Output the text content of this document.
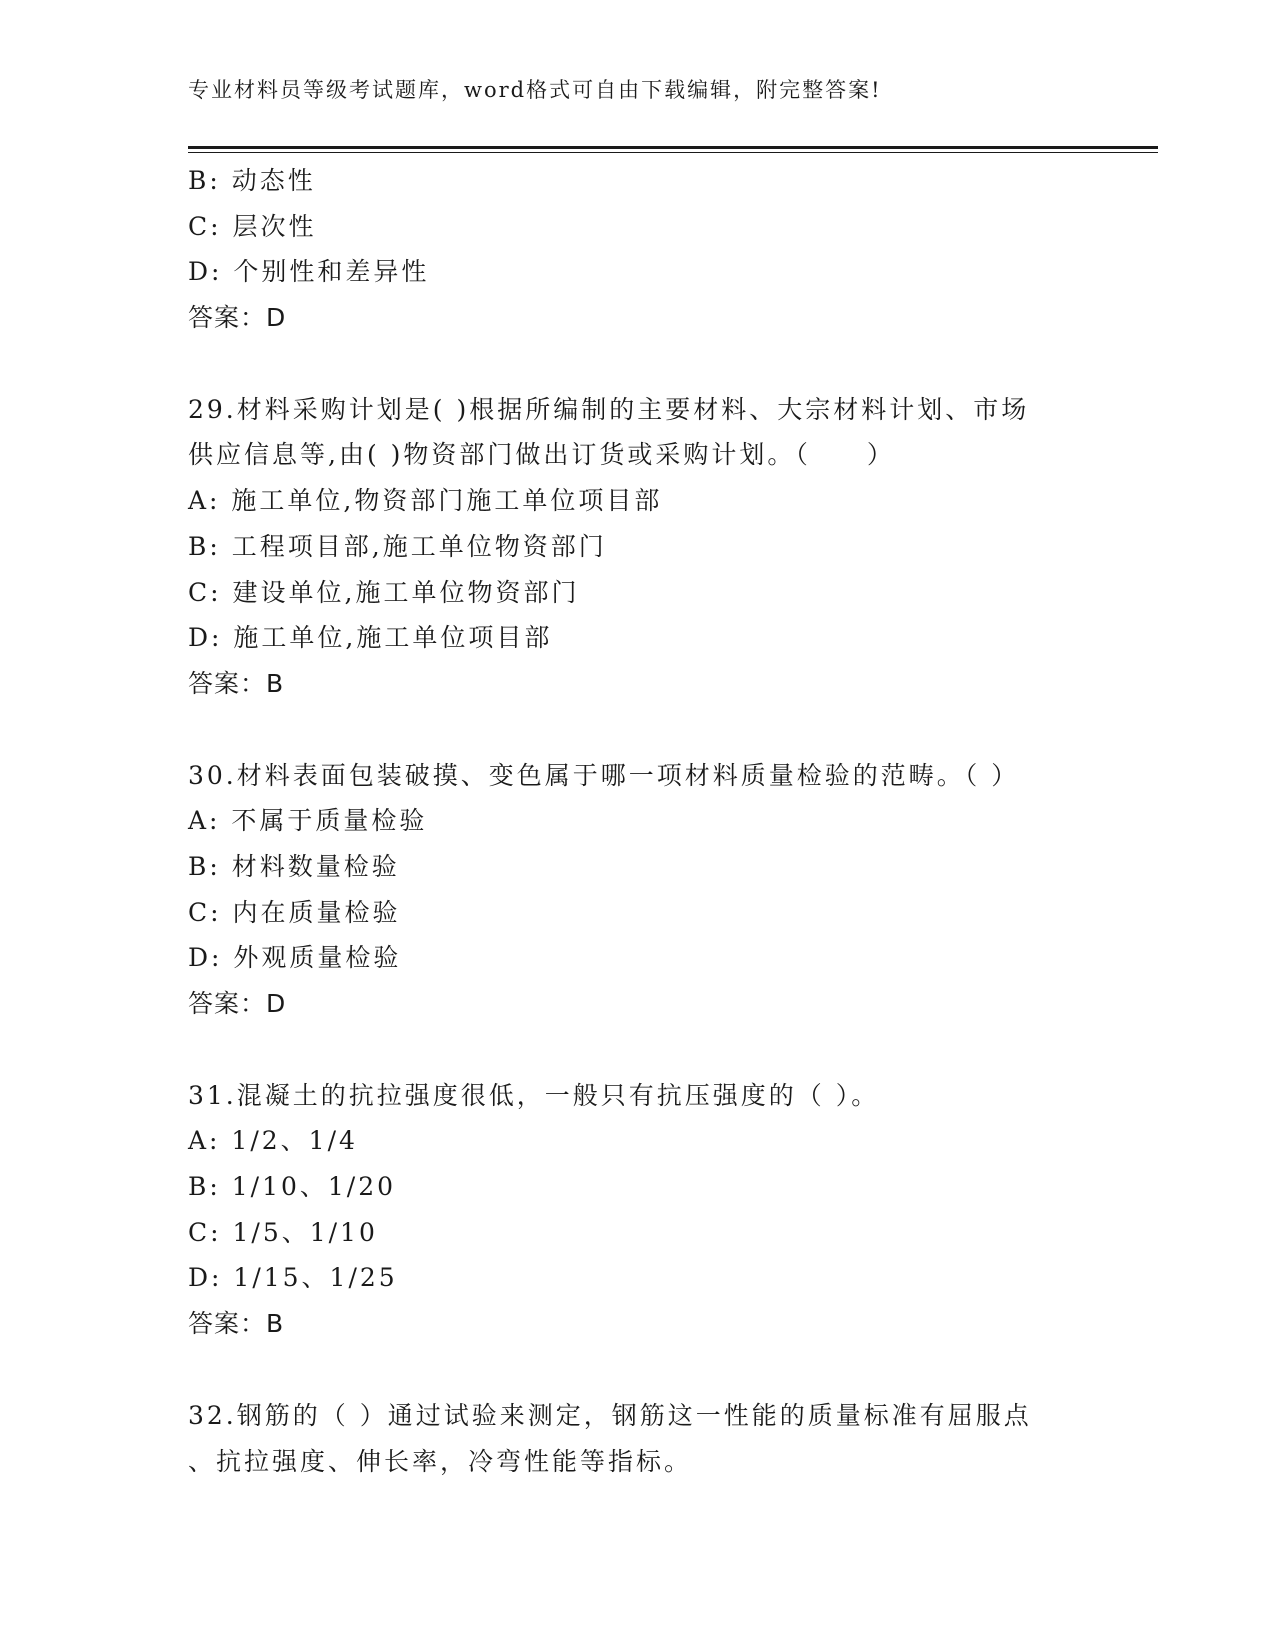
专业材料员等级考试题库，word格式可自由下载编辑，附完整答案!
B: 动态性
C: 层次性
D: 个别性和差异性
答案：D
29.材料采购计划是( )根据所编制的主要材料、大宗材料计划、市场
供应信息等,由( )物资部门做出订货或采购计划。（　　）
A: 施工单位,物资部门施工单位项目部
B: 工程项目部,施工单位物资部门
C: 建设单位,施工单位物资部门
D: 施工单位,施工单位项目部
答案：B
30.材料表面包装破摸、变色属于哪一项材料质量检验的范畴。（ ）
A: 不属于质量检验
B: 材料数量检验
C: 内在质量检验
D: 外观质量检验
答案：D
31.混凝土的抗拉强度很低，一般只有抗压强度的（ ）。
A: 1/2、1/4
B: 1/10、1/20
C: 1/5、1/10
D: 1/15、1/25
答案：B
32.钢筋的（ ）通过试验来测定，钢筋这一性能的质量标准有屈服点
、抗拉强度、伸长率，冷弯性能等指标。
